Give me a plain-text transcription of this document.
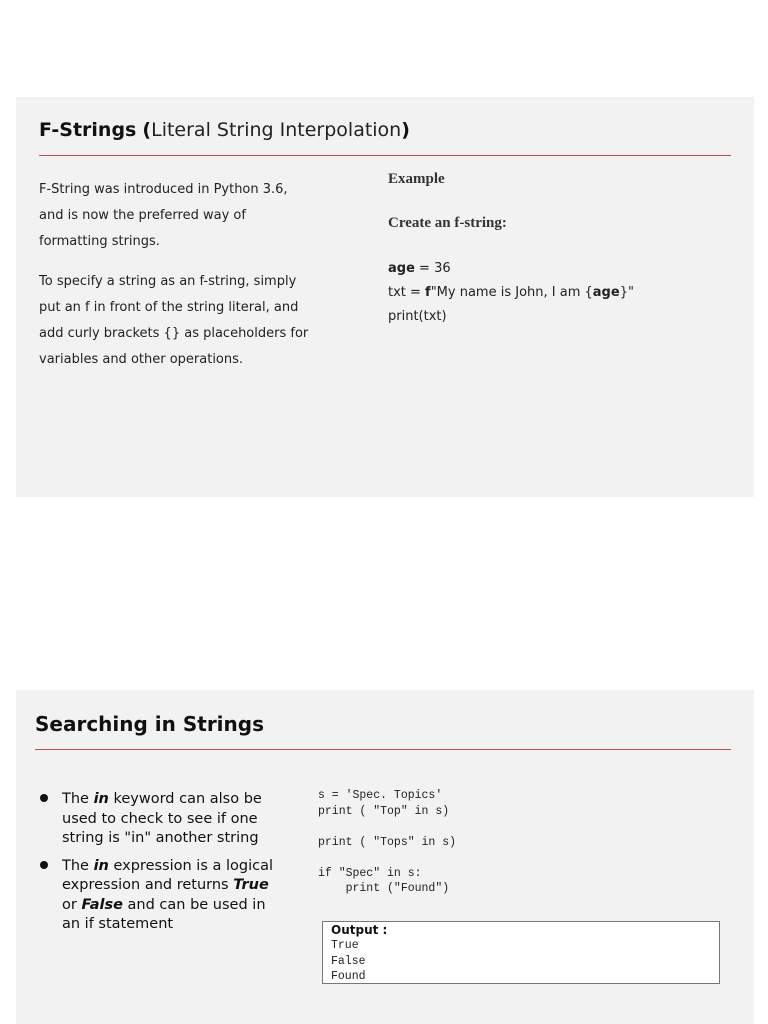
F-Strings (Literal String Interpolation)

F-String was introduced in Python 3.6, and is now the preferred way of formatting strings.

To specify a string as an f-string, simply put an f in front of the string literal, and add curly brackets {} as placeholders for variables and other operations.

Example
Create an f-string:
age = 36
txt = f"My name is John, I am {age}"
print(txt)
Searching in Strings
The in keyword can also be used to check to see if one string is "in" another string
The in expression is a logical expression and returns True or False and can be used in an if statement
s = 'Spec. Topics'
print ( "Top" in s)

print ( "Tops" in s)

if "Spec" in s:
print ("Found")
Output :
True
False
Found
